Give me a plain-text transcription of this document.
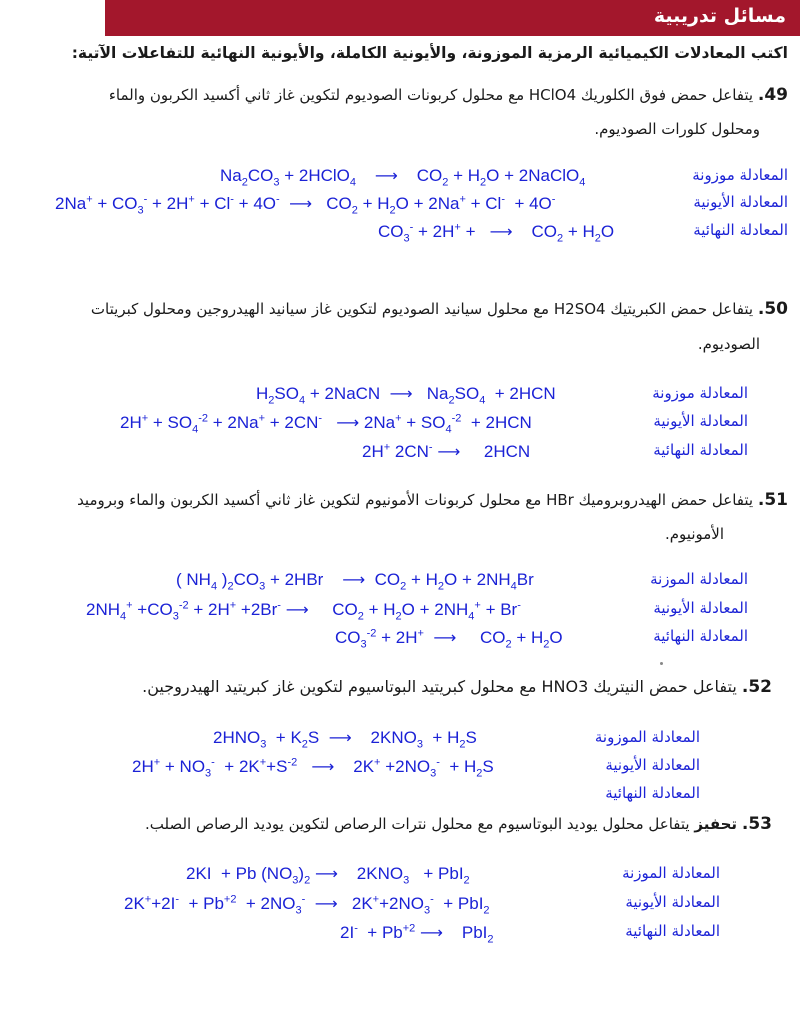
مسائل تدريبية
اكتب المعادلات الكيميائية الرمزية الموزونة، والأيونية الكاملة، والأيونية النهائية للتفاعلات الآتية:
49. يتفاعل حمض فوق الكلوريك HClO4 مع محلول كربونات الصوديوم لتكوين غاز ثاني أكسيد الكربون والماء
ومحلول كلورات الصوديوم.
$Na_2CO_3$ + 2HClO$_4$ ⟶    $CO_2 + H_2O$ + 2NaClO$_4$	المعادلة موزونة
$2Na^+ + CO_3^- + 2H^+ + Cl^- + 4O^-$ ⟶   $CO_2 + H_2O + 2Na^+ + Cl^- + 4O^-$	المعادلة الأيونية
$CO_3^- + 2H^+$ +   ⟶    $CO_2 + H_2O$	المعادلة النهائية
50. يتفاعل حمض الكبريتيك H2SO4 مع محلول سيانيد الصوديوم لتكوين غاز سيانيد الهيدروجين ومحلول كبريتات
الصوديوم.
$H_2SO_4$ + 2NaCN  ⟶   $Na_2SO_4 + 2HCN$	المعادلة موزونة
$2H^+ + SO_4^{-2} + 2Na^+ + 2CN^-$ ⟶ $2Na^+ + SO_4^{-2} + 2HCN$	المعادلة الأيونية
2H+ 2CN- ⟶     2HCN	المعادلة النهائية
51. يتفاعل حمض الهيدروبروميك HBr مع محلول كربونات الأمونيوم لتكوين غاز ثاني أكسيد الكربون والماء وبروميد
الأمونيوم.
( $NH_4$ )$_2CO_3 + 2HBr$    ⟶  $CO_2 + H_2O + 2NH_4Br$	المعادلة الموزنة
$2NH_4^+ +CO_3^{-2} + 2H^+ +2Br^-$ ⟶     $CO_2 + H_2O + 2NH_4^+ + Br^-$	المعادلة الأيونية
$CO_3^{-2} + 2H^+$ ⟶     $CO_2 + H_2O$	المعادلة النهائية
52. يتفاعل حمض النيتريك HNO3 مع محلول كبريتيد البوتاسيوم لتكوين غاز كبريتيد الهيدروجين.
$2HNO_3 + K_2S$  ⟶    $2KNO_3 + H_2S$	المعادلة الموزونة
$2H^+ + NO_3^- + 2K^++S^{-2}$ ⟶    $2K^+ +2NO_3^- + H_2S$	المعادلة الأيونية
المعادلة النهائية
53. تحفيز يتفاعل محلول يوديد البوتاسيوم مع محلول نترات الرصاص لتكوين يوديد الرصاص الصلب.
2KI  + Pb $(NO_3)_2$ ⟶    $2KNO_3 + PbI_2$	المعادلة الموزنة
$2K^++2I^- + Pb^{+2} + 2NO_3^-$ ⟶   $2K^++2NO_3^- + PbI_2$	المعادلة الأيونية
$2I^- + Pb^{+2}$ ⟶    PbI$_2$	المعادلة النهائية
